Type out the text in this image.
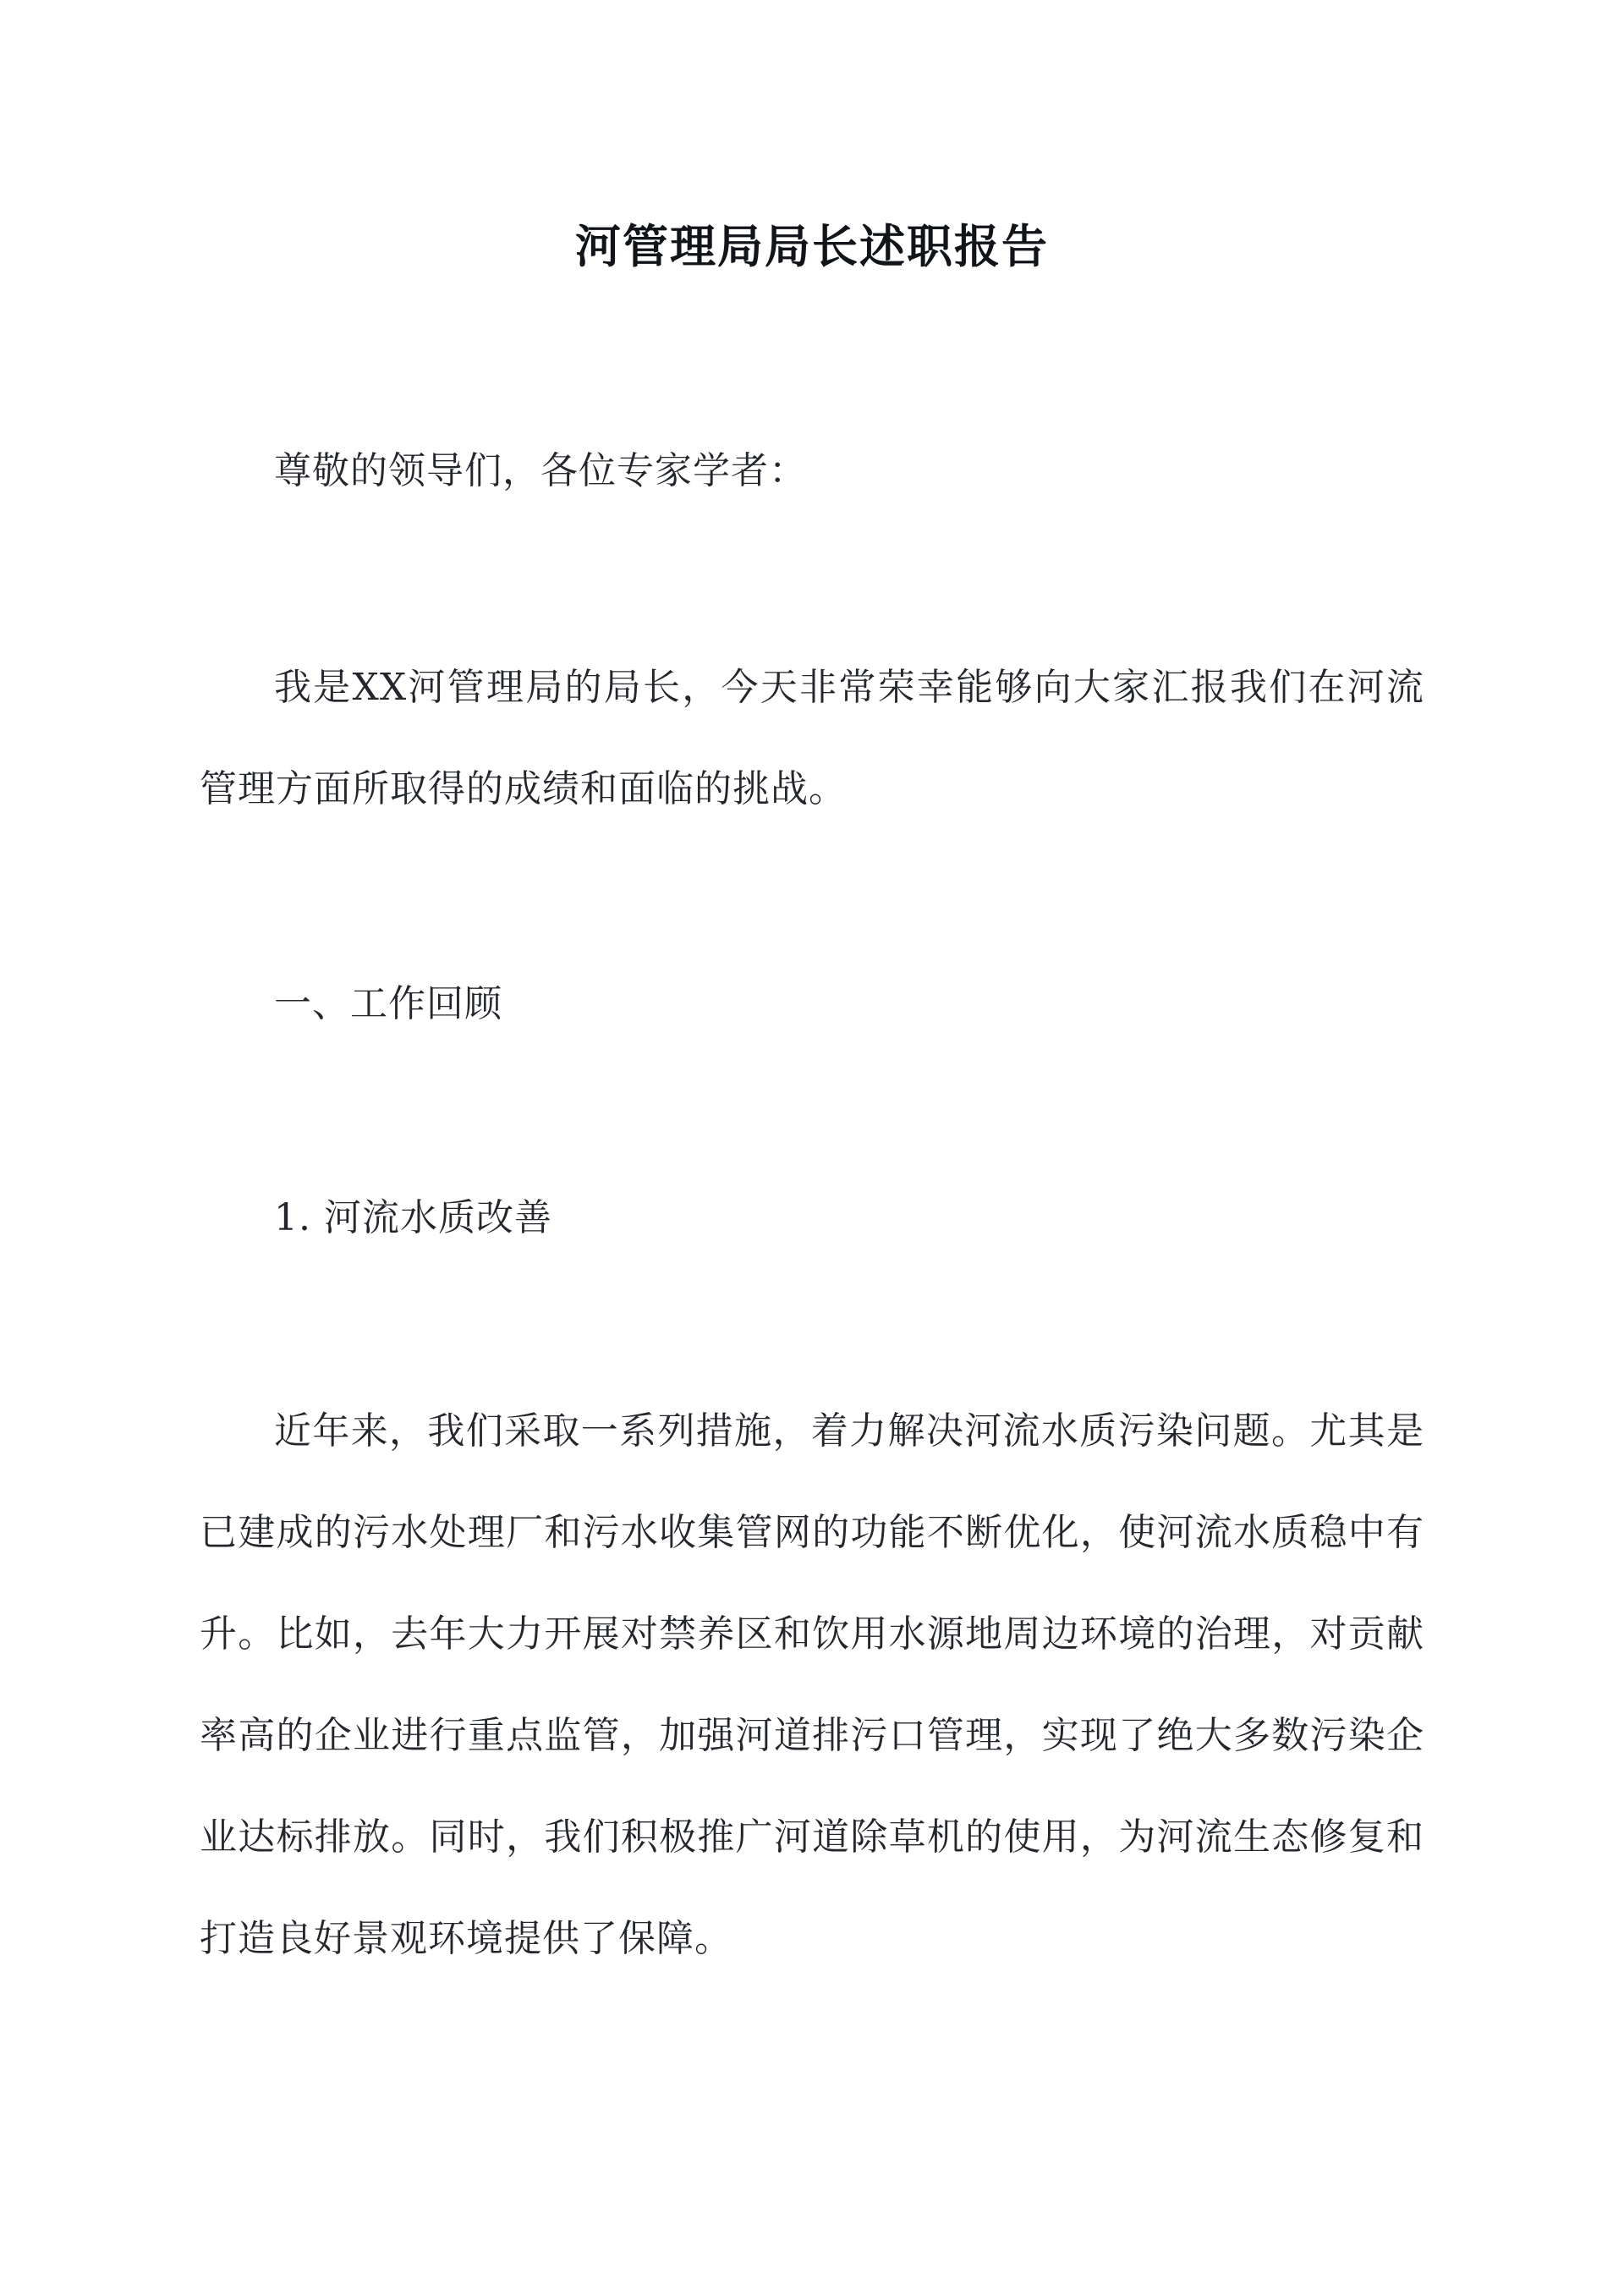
河管理局局长述职报告

尊敬的领导们，各位专家学者：

我是XX河管理局的局长，今天非常荣幸能够向大家汇报我们在河流管理方面所取得的成绩和面临的挑战。

一、工作回顾

1. 河流水质改善

近年来，我们采取一系列措施，着力解决河流水质污染问题。尤其是已建成的污水处理厂和污水收集管网的功能不断优化，使河流水质稳中有升。比如，去年大力开展对禁养区和饮用水源地周边环境的治理，对贡献率高的企业进行重点监管，加强河道排污口管理，实现了绝大多数污染企业达标排放。同时，我们积极推广河道除草机的使用，为河流生态修复和打造良好景观环境提供了保障。
